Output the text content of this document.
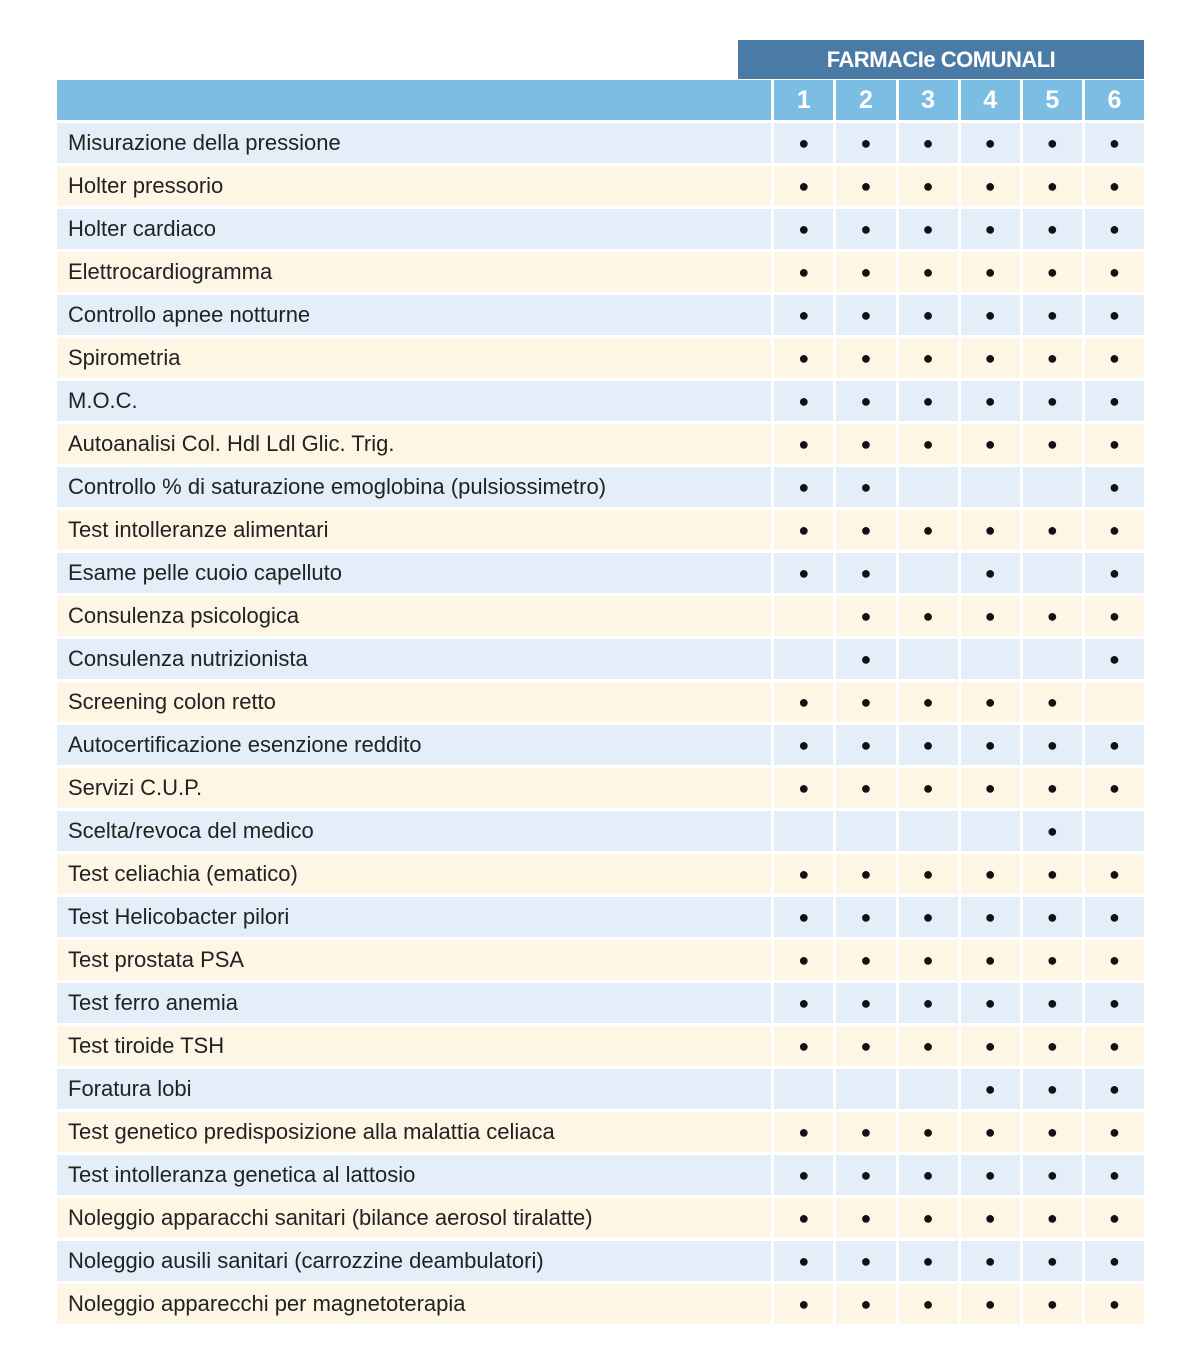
FARMACIe COMUNALI
	1	2	3	4	5	6
Misurazione della pressione	●	●	●	●	●	●
Holter pressorio	●	●	●	●	●	●
Holter cardiaco	●	●	●	●	●	●
Elettrocardiogramma	●	●	●	●	●	●
Controllo apnee notturne	●	●	●	●	●	●
Spirometria	●	●	●	●	●	●
M.O.C.	●	●	●	●	●	●
Autoanalisi Col. Hdl Ldl Glic. Trig.	●	●	●	●	●	●
Controllo % di saturazione emoglobina (pulsiossimetro)	●	●				●
Test intolleranze alimentari	●	●	●	●	●	●
Esame pelle cuoio capelluto	●	●		●		●
Consulenza psicologica		●	●	●	●	●
Consulenza nutrizionista		●				●
Screening colon retto	●	●	●	●	●	
Autocertificazione esenzione reddito	●	●	●	●	●	●
Servizi C.U.P.	●	●	●	●	●	●
Scelta/revoca del medico					●	
Test celiachia (ematico)	●	●	●	●	●	●
Test Helicobacter pilori	●	●	●	●	●	●
Test prostata PSA	●	●	●	●	●	●
Test ferro anemia	●	●	●	●	●	●
Test tiroide TSH	●	●	●	●	●	●
Foratura lobi				●	●	●
Test genetico predisposizione alla malattia celiaca	●	●	●	●	●	●
Test intolleranza genetica al lattosio	●	●	●	●	●	●
Noleggio apparacchi sanitari (bilance aerosol tiralatte)	●	●	●	●	●	●
Noleggio ausili sanitari (carrozzine deambulatori)	●	●	●	●	●	●
Noleggio apparecchi per magnetoterapia	●	●	●	●	●	●
